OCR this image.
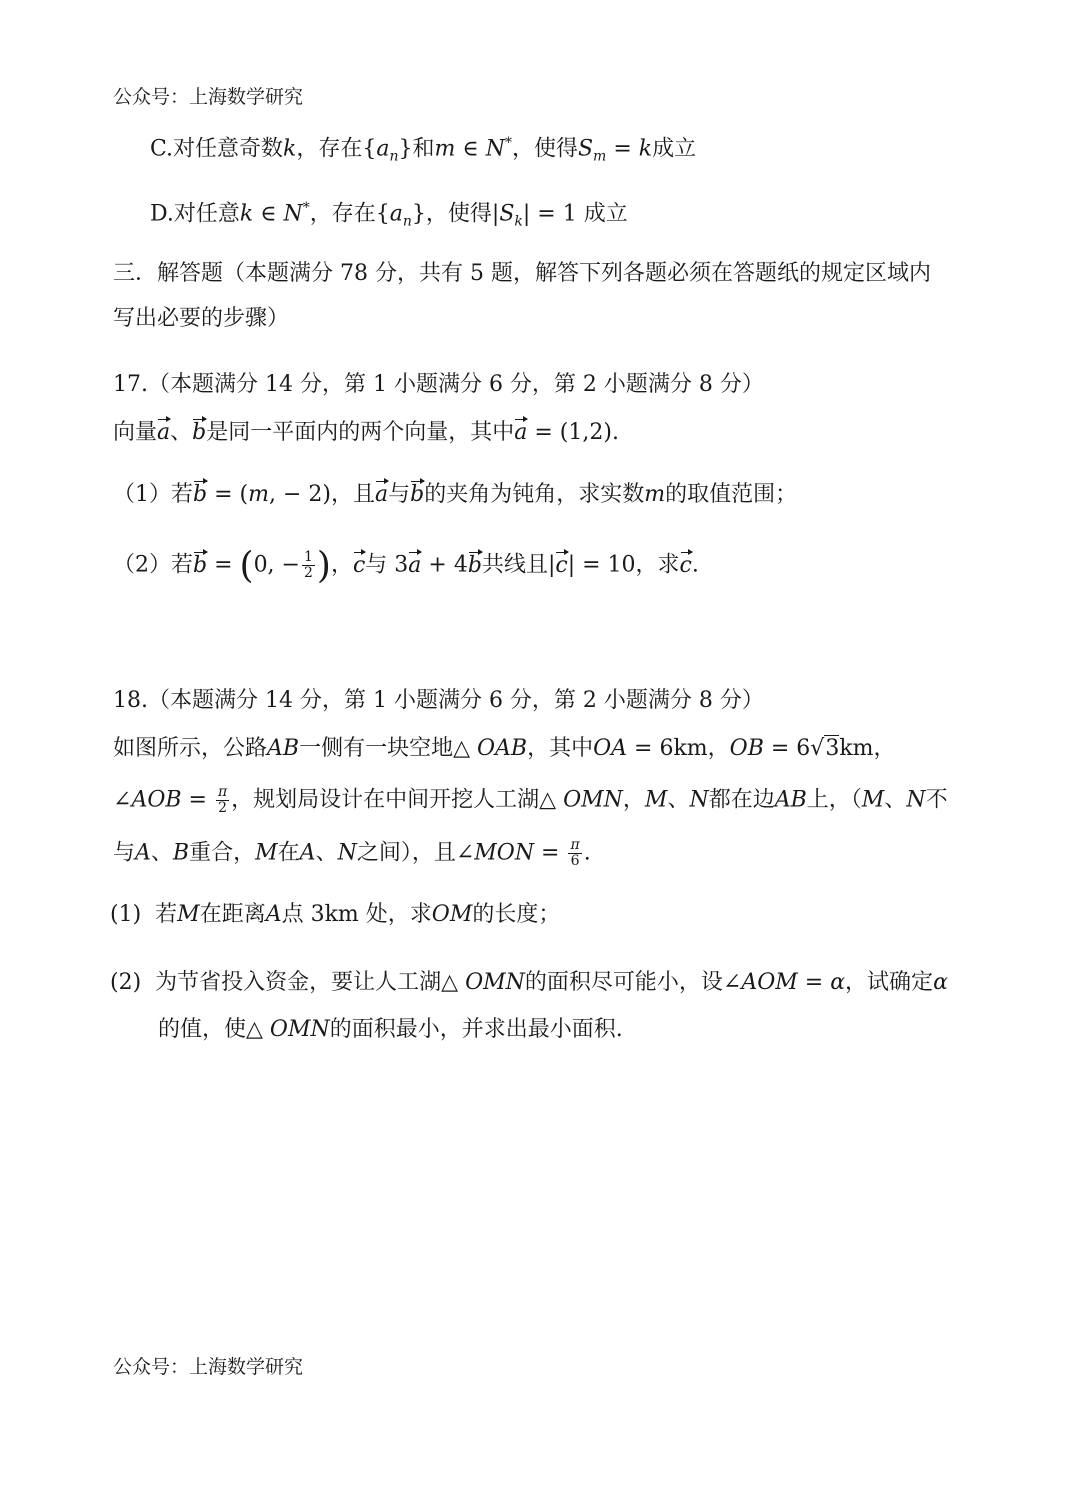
公众号：上海数学研究
C.对任意奇数k，存在$\{a_n\}$和m ∈ N*，使得$S_m = k$成立
D.对任意k ∈ N*，存在$\{a_n\}$，使得$|S_k| = 1$ 成立
三．解答题（本题满分 78 分，共有 5 题，解答下列各题必须在答题纸的规定区域内
写出必要的步骤）
17.（本题满分 14 分，第 1 小题满分 6 分，第 2 小题满分 8 分）
向量a、b是同一平面内的两个向量，其中a = (1,2).
（1）若b = (m, − 2)，且a与b的夹角为钝角，求实数m的取值范围；
（2）若b = (0, − $\frac{1}{2}$ )，c与 3a + 4b共线且|c| = 10，求c.
18.（本题满分 14 分，第 1 小题满分 6 分，第 2 小题满分 8 分）
如图所示，公路AB一侧有一块空地△ OAB，其中OA = 6km，OB = 6√3km，
∠AOB = $\frac{\pi}{2}$ ，规划局设计在中间开挖人工湖△ OMN，M、N都在边AB上，（M、N不
与A、B重合，M在A、N之间），且∠MON = $\frac{\pi}{6}$ .
(1)  若M在距离A点 3km 处，求OM的长度；
(2)  为节省投入资金，要让人工湖△ OMN的面积尽可能小，设∠AOM = α，试确定α
的值，使△ OMN的面积最小，并求出最小面积.
公众号：上海数学研究
